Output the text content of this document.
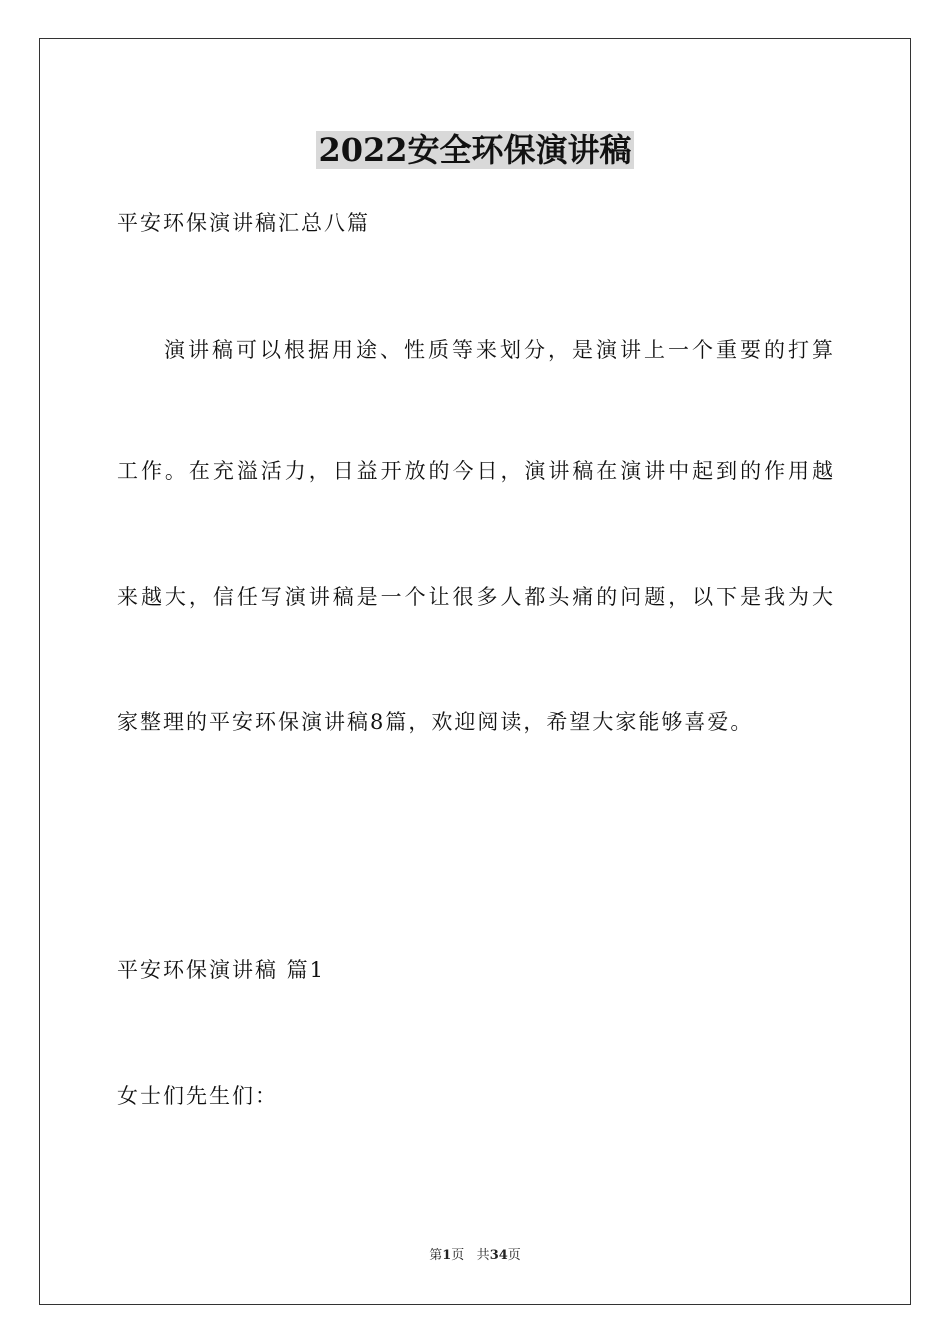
2022安全环保演讲稿
平安环保演讲稿汇总八篇
演讲稿可以根据用途、性质等来划分，是演讲上一个重要的打算
工作。在充溢活力，日益开放的今日，演讲稿在演讲中起到的作用越
来越大，信任写演讲稿是一个让很多人都头痛的问题，以下是我为大
家整理的平安环保演讲稿8篇，欢迎阅读，希望大家能够喜爱。
平安环保演讲稿 篇1
女士们先生们：
第1页 共34页
